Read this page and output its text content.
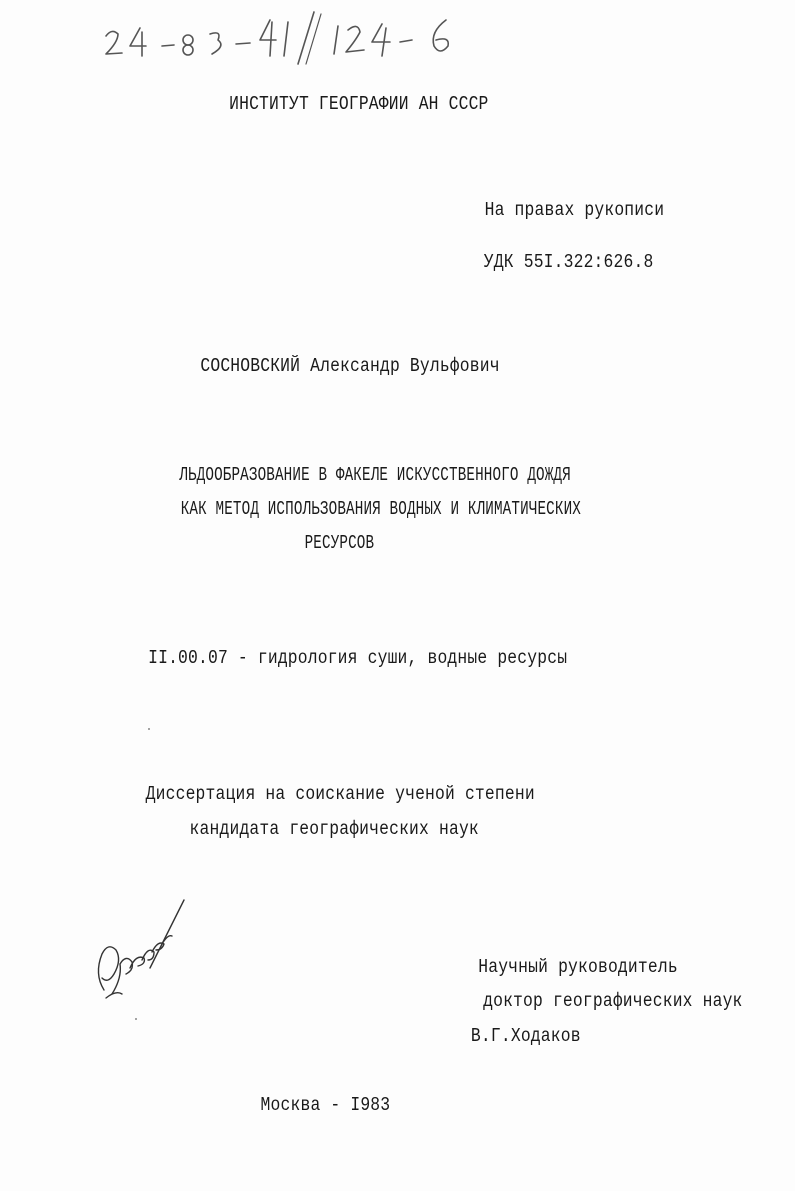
ИНСТИТУТ ГЕОГРАФИИ АН СССР
На правах рукописи
УДК 55I.322:626.8
СОСНОВСКИЙ Александр Вульфович
ЛЬДООБРАЗОВАНИЕ В ФАКЕЛЕ ИСКУССТВЕННОГО ДОЖДЯ
КАК МЕТОД ИСПОЛЬЗОВАНИЯ ВОДНЫХ И КЛИМАТИЧЕСКИХ
РЕСУРСОВ
II.00.07 - гидрология суши, водные ресурсы
Диссертация на соискание ученой степени
кандидата географических наук
Научный руководитель
доктор географических наук
В.Г.Ходаков
Москва - I983
